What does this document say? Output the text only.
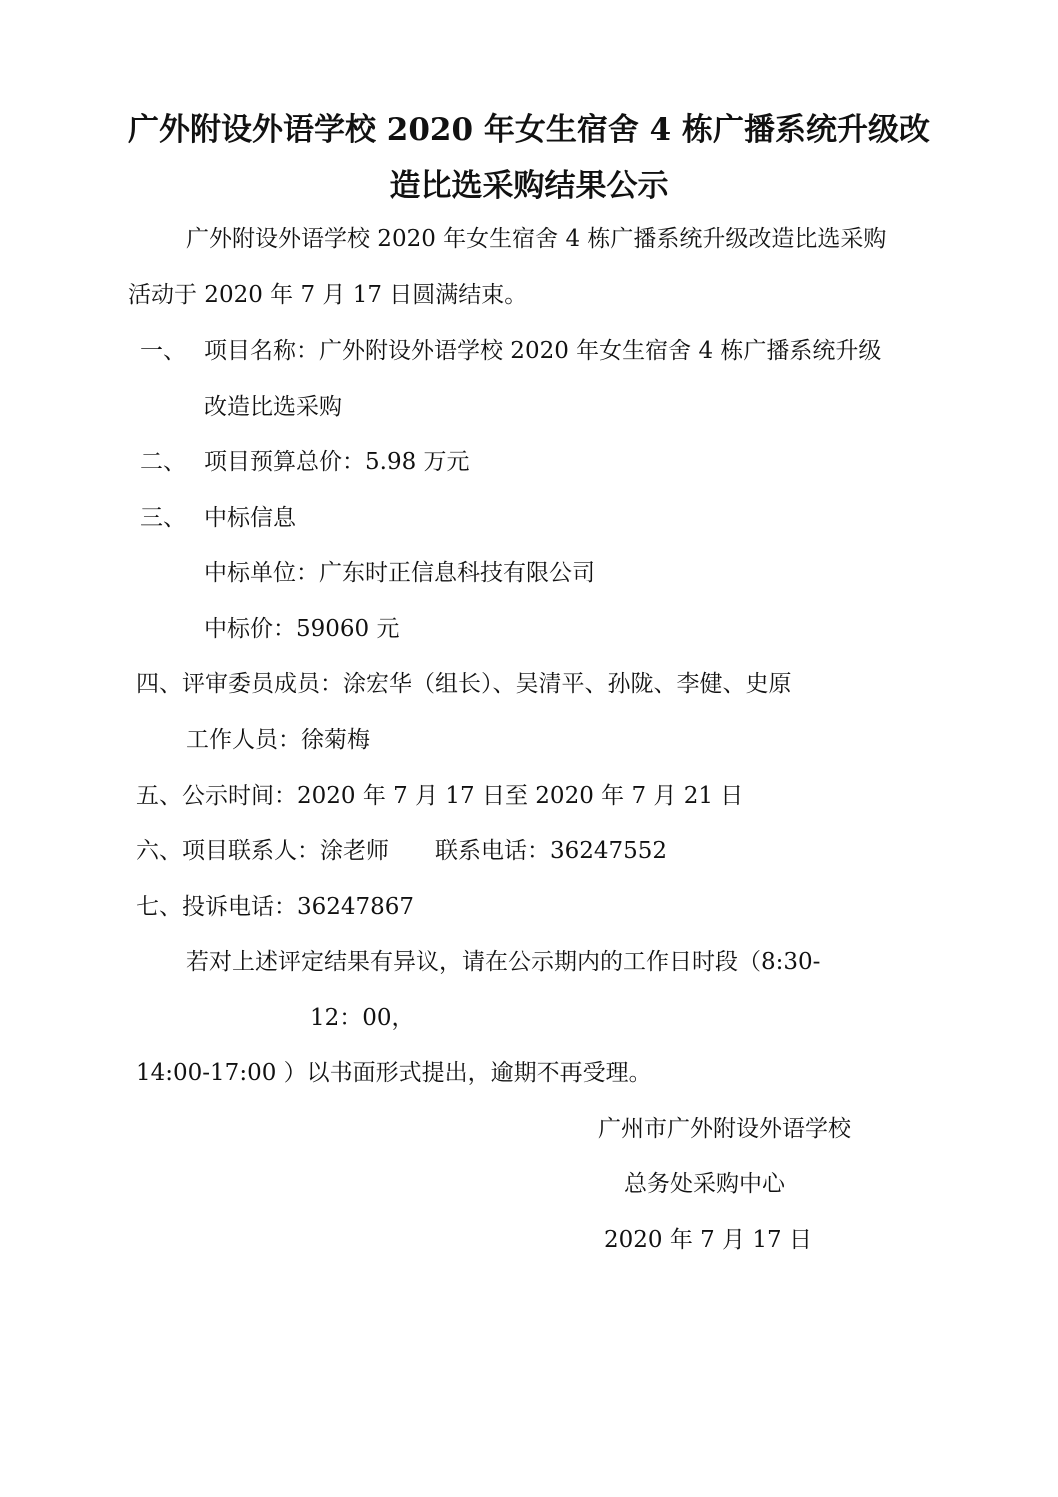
广外附设外语学校 2020 年女生宿舍 4 栋广播系统升级改
造比选采购结果公示
广外附设外语学校 2020 年女生宿舍 4 栋广播系统升级改造比选采购
活动于 2020 年 7 月 17 日圆满结束。
一、 项目名称：广外附设外语学校 2020 年女生宿舍 4 栋广播系统升级
改造比选采购
二、 项目预算总价：5.98 万元
三、 中标信息
中标单位：广东时正信息科技有限公司
中标价：59060 元
四、评审委员成员：涂宏华（组长）、吴清平、孙陇、李健、史原
工作人员：徐菊梅
五、公示时间：2020 年 7 月 17 日至 2020 年 7 月 21 日
六、项目联系人：涂老师　　联系电话：36247552
七、投诉电话：36247867
若对上述评定结果有异议，请在公示期内的工作日时段（8:30-
12：00，
14:00-17:00 ）以书面形式提出，逾期不再受理。
广州市广外附设外语学校
总务处采购中心
2020 年 7 月 17 日
